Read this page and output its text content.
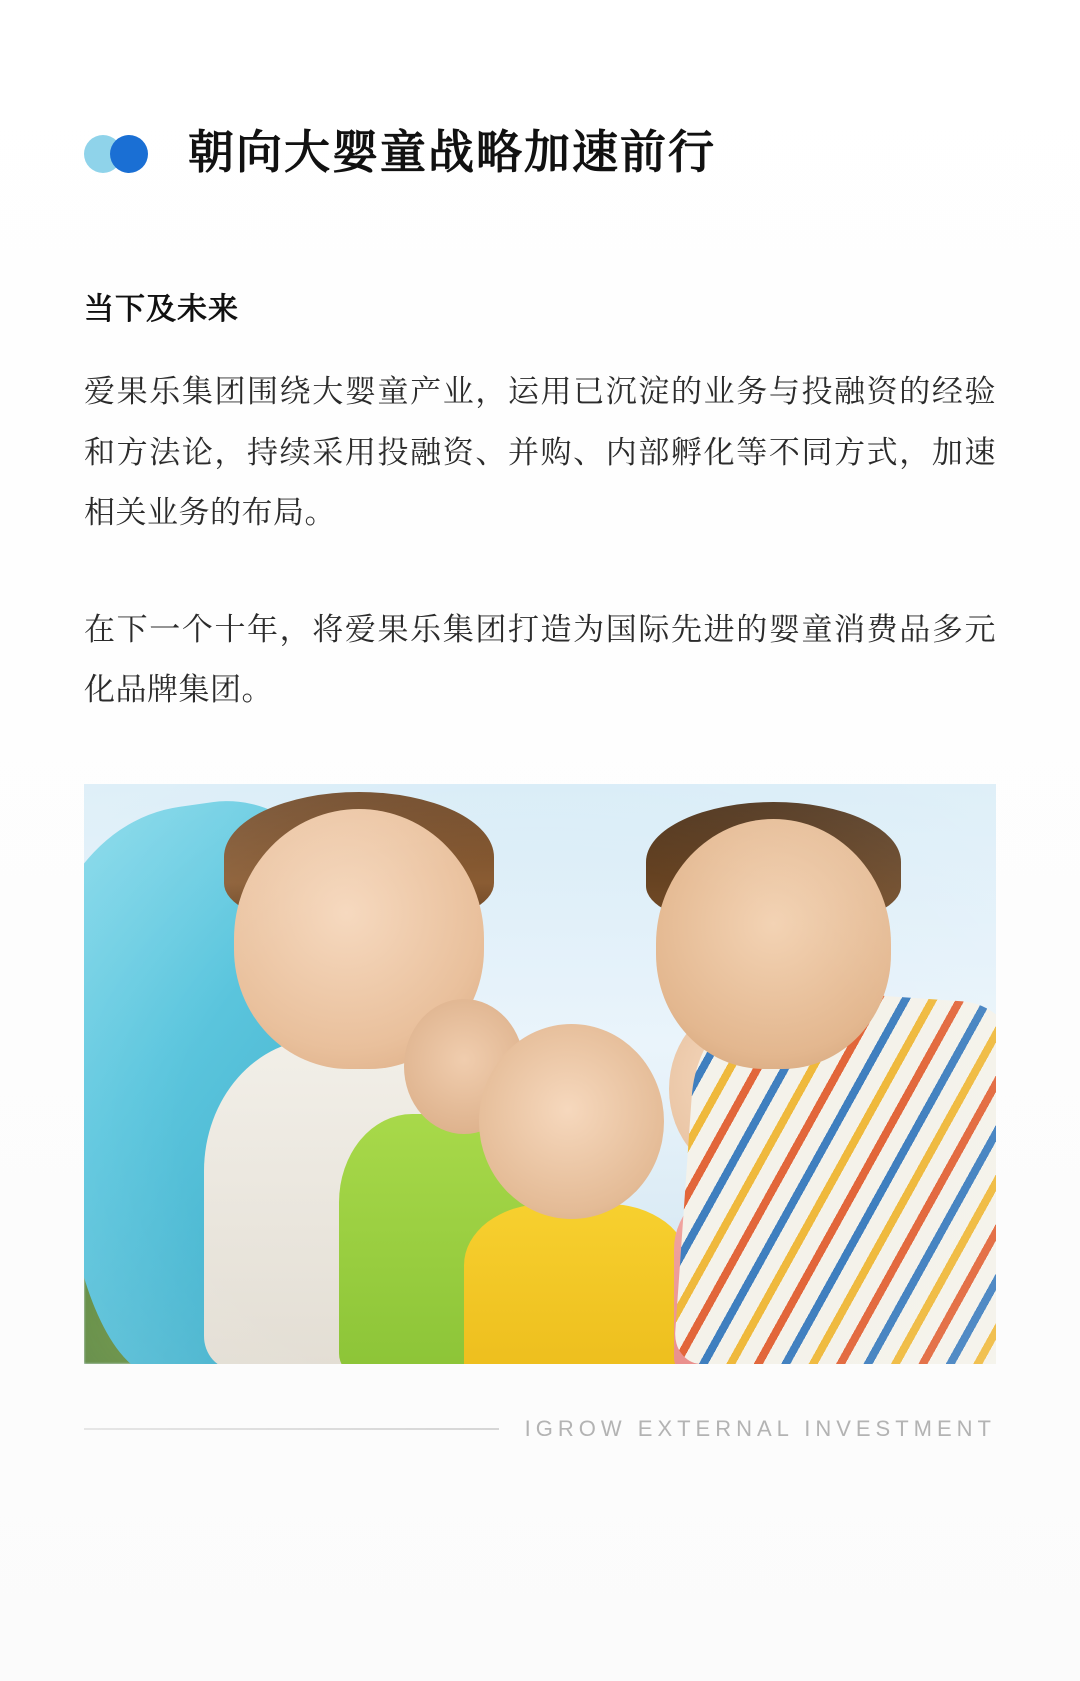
朝向大婴童战略加速前行
当下及未来

爱果乐集团围绕大婴童产业，运用已沉淀的业务与投融资的经验和方法论，持续采用投融资、并购、内部孵化等不同方式，加速相关业务的布局。

在下一个十年，将爱果乐集团打造为国际先进的婴童消费品多元化品牌集团。

IGROW EXTERNAL INVESTMENT
